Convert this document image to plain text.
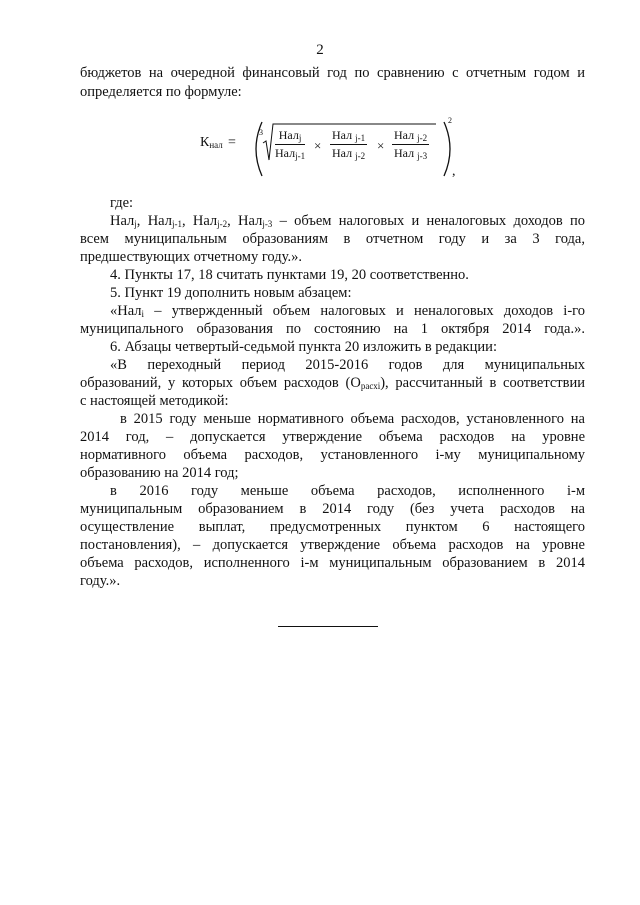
2
бюджетов на очередной финансовый год по сравнению с отчетным годом и
определяется по формуле:
$К_{нал}$ =
3
2
Нал$_j$
Нал$_{j-1}$
×
Нал $_{j-1}$
Нал $_{j-2}$
×
Нал $_{j-2}$
Нал $_{j-3}$
,
где:
Нал$_j$, Нал$_{j-1}$, Нал$_{j-2}$, Нал$_{j-3}$ – объем налоговых и неналоговых доходов по
всем муниципальным образованиям в отчетном году и за 3 года,
предшествующих отчетному году.».
4. Пункты 17, 18 считать пунктами 19, 20 соответственно.
5. Пункт 19 дополнить новым абзацем:
«Нал$_i$ – утвержденный объем налоговых и неналоговых доходов i-го
муниципального образования по состоянию на 1 октября 2014 года.».
6. Абзацы четвертый-седьмой пункта 20 изложить в редакции:
«В переходный период 2015-2016 годов для муниципальных
образований, у которых объем расходов $(О_{расхi})$, рассчитанный в соответствии
с настоящей методикой:
в 2015 году меньше нормативного объема расходов, установленного на
2014 год, – допускается утверждение объема расходов на уровне
нормативного объема расходов, установленного i-му муниципальному
образованию на 2014 год;
в 2016 году меньше объема расходов, исполненного i-м
муниципальным образованием в 2014 году (без учета расходов на
осуществление выплат, предусмотренных пунктом 6 настоящего
постановления), – допускается утверждение объема расходов на уровне
объема расходов, исполненного i-м муниципальным образованием в 2014
году.».
